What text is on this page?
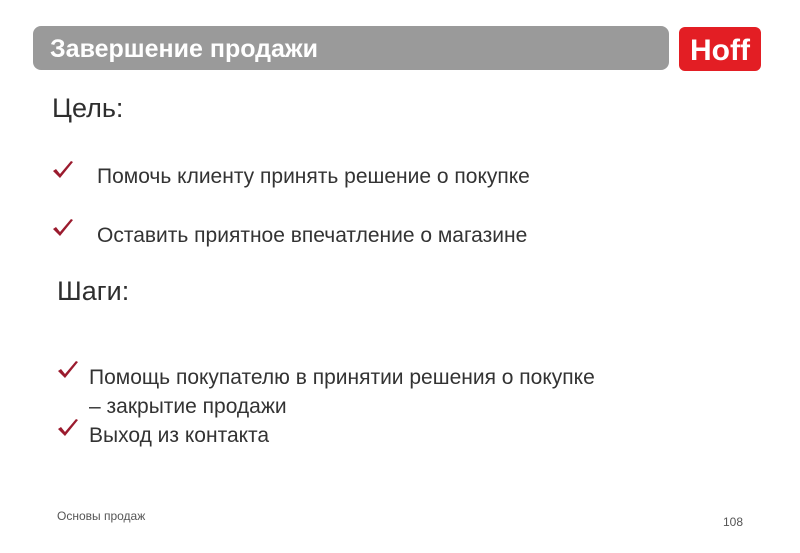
Завершение продажи	Hoff
Цель:
Помочь клиенту принять решение о покупке
Оставить приятное впечатление о магазине
Шаги:
Помощь покупателю в принятии решения о покупке
– закрытие продажи
Выход из контакта
Основы продаж	108
